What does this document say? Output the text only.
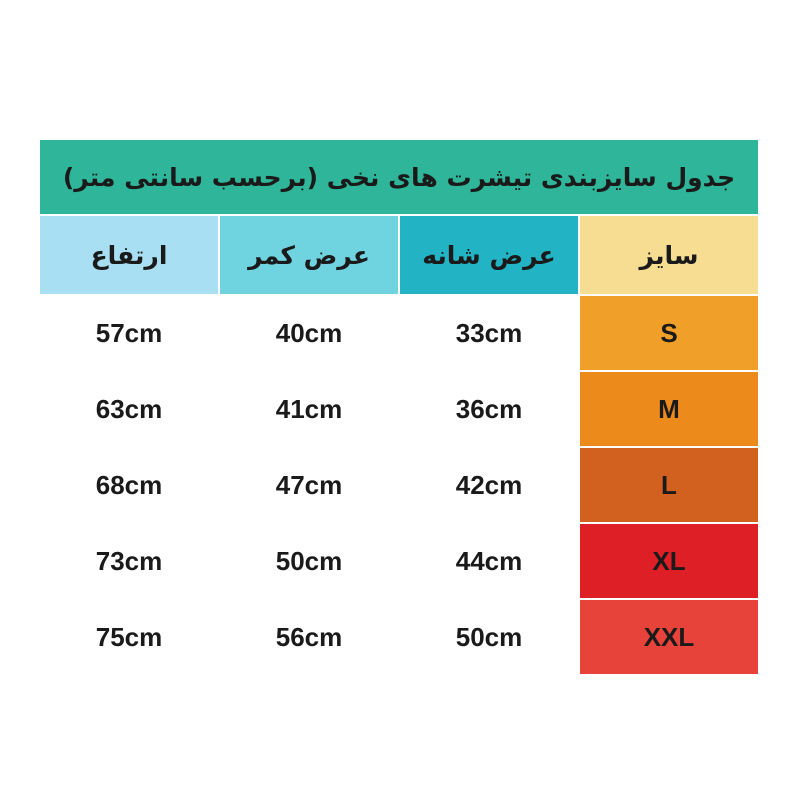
جدول سایزبندی تیشرت های نخی (برحسب سانتی متر)			
سایز	عرض شانه	عرض کمر	ارتفاع
S	33cm	40cm	57cm
M	36cm	41cm	63cm
L	42cm	47cm	68cm
XL	44cm	50cm	73cm
XXL	50cm	56cm	75cm
